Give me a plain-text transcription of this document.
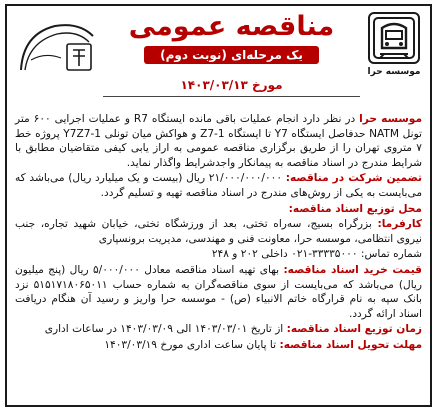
موسسه حرا
مناقصه عمومی
یک مرحله‌ای (نوبت دوم)
مورخ ۱۴۰۳/۰۳/۱۳

موسسه حرا در نظر دارد انجام عملیات باقی مانده ایستگاه R7 و عملیات اجرایی ۶۰۰ متر تونل NATM حدفاصل ایستگاه Y7 تا ایستگاه Z7-1 و هواکش میان تونلی Y7Z7-1 پروژه خط ۷ متروی تهران را از طریق برگزاری مناقصه عمومی به اراز یابی کیفی متقاضیان مطابق با شرایط مندرج در اسناد مناقصه به پیمانکار واجدشرایط واگذار نماید.

تضمین شرکت در مناقصه: ۲۱/۰۰۰/۰۰۰/۰۰۰ ریال (بیست و یک میلیارد ریال) می‌باشد که می‌بایست به یکی از روش‌های مندرج در اسناد مناقصه تهیه و تسلیم گردد.

محل توزیع اسناد مناقصه:

کارفرما: بزرگراه بسیج، سه‌راه تختی، بعد از ورزشگاه تختی، خیابان شهید تجاره، جنب نیروی انتظامی، موسسه حرا، معاونت فنی و مهندسی، مدیریت برونسپاری

شماره تماس: ۳۳۳۳۵۰۰۰-۰۲۱ داخلی ۲۰۲ و ۲۴۸

قیمت خرید اسناد مناقصه: بهای تهیه اسناد مناقصه معادل ۵/۰۰۰/۰۰۰ ریال (پنج میلیون ریال) می‌باشد که می‌بایست از سوی مناقصه‌گران به شماره حساب ۵۱۵۱۷۱۸۰۶۵۰۱۱ نزد بانک سپه به نام قرارگاه خاتم الانبیاء (ص) - موسسه حرا واریز و رسید آن هنگام دریافت اسناد ارائه گردد.

زمان توزیع اسناد مناقصه: از تاریخ ۱۴۰۳/۰۳/۰۱ الی ۱۴۰۳/۰۳/۰۹ در ساعات اداری

مهلت تحویل اسناد مناقصه: تا پایان ساعت اداری مورخ ۱۴۰۳/۰۳/۱۹
